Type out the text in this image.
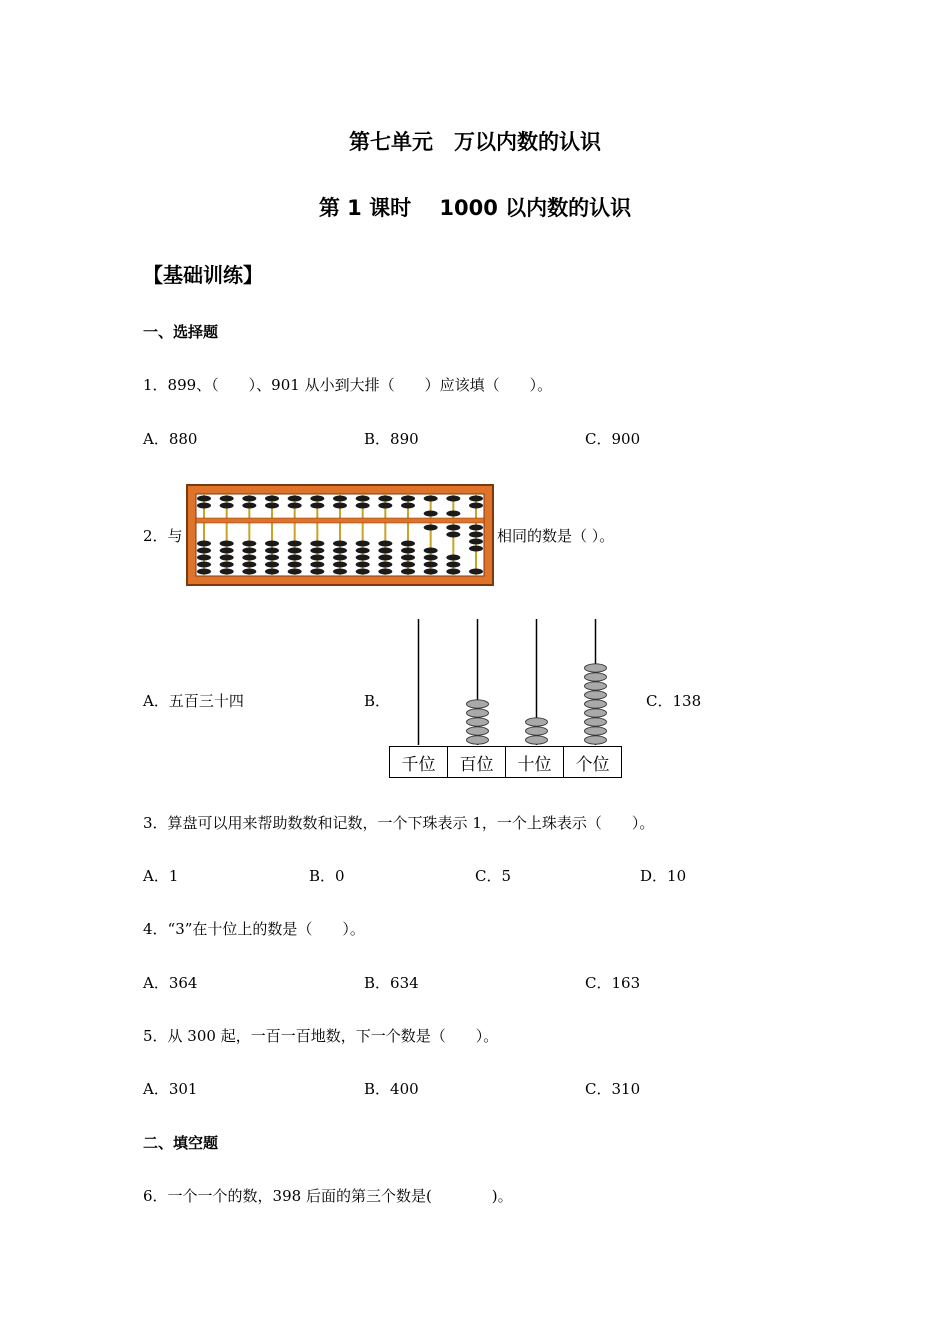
第七单元　万以内数的认识
第 1 课时　 1000 以内数的认识
【基础训练】
一、选择题
1．899、（　　）、901 从小到大排（　　）应该填（　　）。
A．880	B．890	C．900
2．与	相同的数是（ ）。
A．五百三十四	B．
千位	百位	十位	个位
C．138
3．算盘可以用来帮助数数和记数，一个下珠表示 1，一个上珠表示（　　）。
A．1	B．0	C．5	D．10
4．“3”在十位上的数是（　　）。
A．364	B．634	C．163
5．从 300 起，一百一百地数，下一个数是（　　）。
A．301	B．400	C．310
二、填空题
6．一个一个的数，398 后面的第三个数是(　　　　)。
